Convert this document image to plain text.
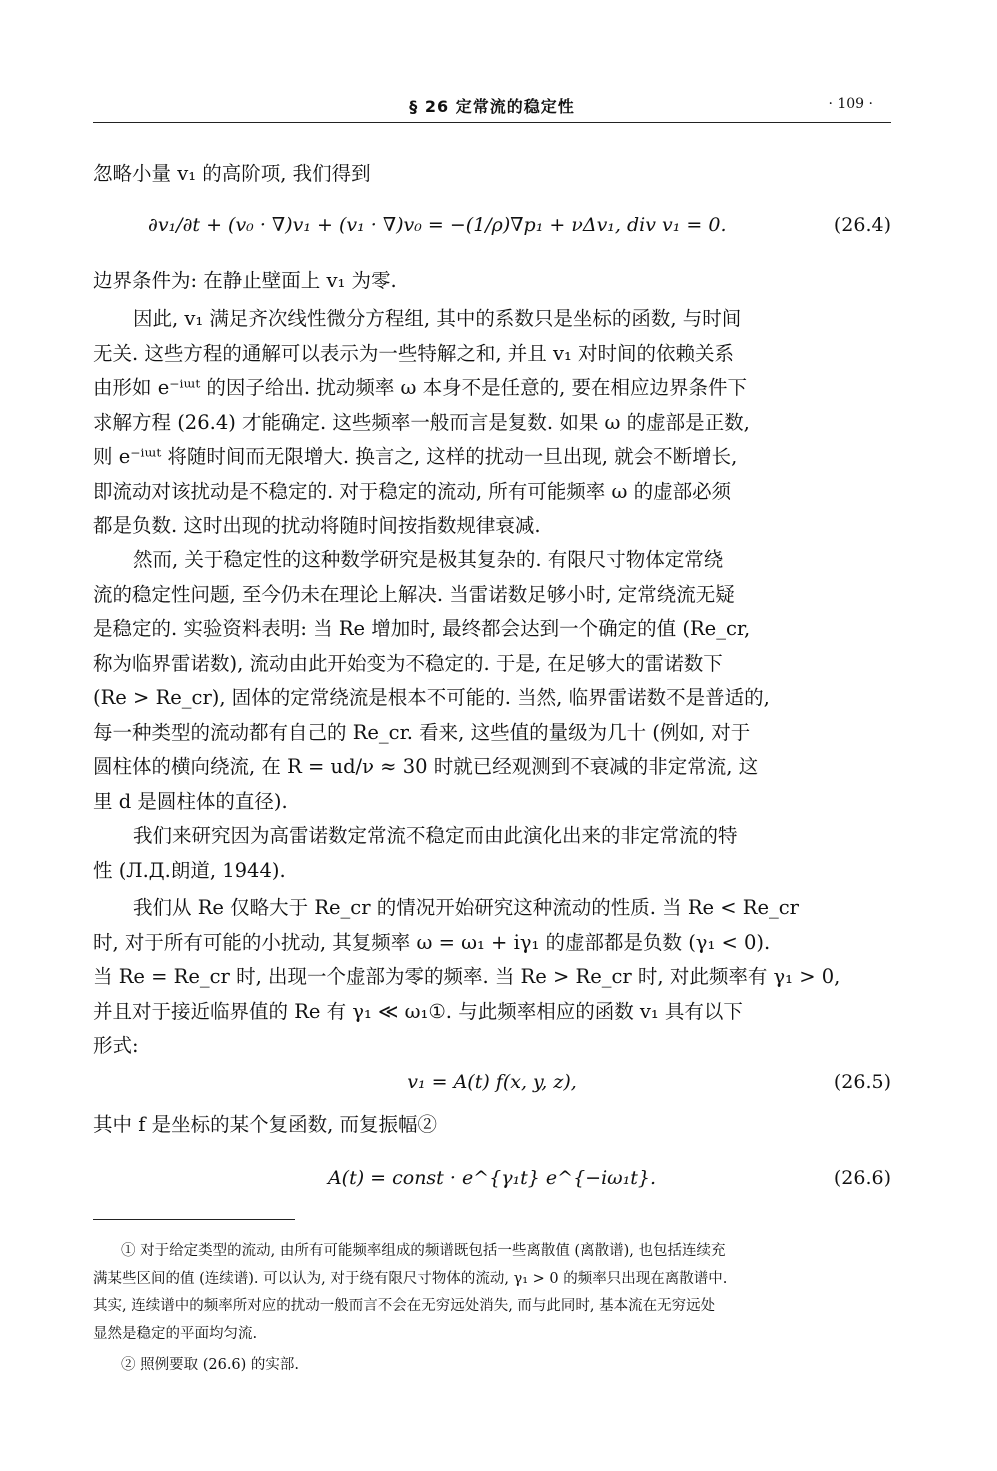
§ 26 定常流的稳定性	· 109 ·
忽略小量 v₁ 的高阶项, 我们得到
∂v₁/∂t + (v₀ · ∇)v₁ + (v₁ · ∇)v₀ = −(1/ρ)∇p₁ + νΔv₁, div v₁ = 0.	(26.4)
边界条件为: 在静止壁面上 v₁ 为零.
因此, v₁ 满足齐次线性微分方程组, 其中的系数只是坐标的函数, 与时间
无关. 这些方程的通解可以表示为一些特解之和, 并且 v₁ 对时间的依赖关系
由形如 e⁻ⁱᵚᵗ 的因子给出. 扰动频率 ω 本身不是任意的, 要在相应边界条件下
求解方程 (26.4) 才能确定. 这些频率一般而言是复数. 如果 ω 的虚部是正数,
则 e⁻ⁱᵚᵗ 将随时间而无限增大. 换言之, 这样的扰动一旦出现, 就会不断增长,
即流动对该扰动是不稳定的. 对于稳定的流动, 所有可能频率 ω 的虚部必须
都是负数. 这时出现的扰动将随时间按指数规律衰减.
然而, 关于稳定性的这种数学研究是极其复杂的. 有限尺寸物体定常绕
流的稳定性问题, 至今仍未在理论上解决. 当雷诺数足够小时, 定常绕流无疑
是稳定的. 实验资料表明: 当 Re 增加时, 最终都会达到一个确定的值 (Re_cr,
称为临界雷诺数), 流动由此开始变为不稳定的. 于是, 在足够大的雷诺数下
(Re > Re_cr), 固体的定常绕流是根本不可能的. 当然, 临界雷诺数不是普适的,
每一种类型的流动都有自己的 Re_cr. 看来, 这些值的量级为几十 (例如, 对于
圆柱体的横向绕流, 在 R = ud/ν ≈ 30 时就已经观测到不衰减的非定常流, 这
里 d 是圆柱体的直径).
我们来研究因为高雷诺数定常流不稳定而由此演化出来的非定常流的特
性 (Л.Д.朗道, 1944).
我们从 Re 仅略大于 Re_cr 的情况开始研究这种流动的性质. 当 Re < Re_cr
时, 对于所有可能的小扰动, 其复频率 ω = ω₁ + iγ₁ 的虚部都是负数 (γ₁ < 0).
当 Re = Re_cr 时, 出现一个虚部为零的频率. 当 Re > Re_cr 时, 对此频率有 γ₁ > 0,
并且对于接近临界值的 Re 有 γ₁ ≪ ω₁①. 与此频率相应的函数 v₁ 具有以下
形式:
v₁ = A(t) f(x, y, z),	(26.5)
其中 f 是坐标的某个复函数, 而复振幅②
A(t) = const · e^{γ₁t} e^{−iω₁t}.	(26.6)
① 对于给定类型的流动, 由所有可能频率组成的频谱既包括一些离散值 (离散谱), 也包括连续充
满某些区间的值 (连续谱). 可以认为, 对于绕有限尺寸物体的流动, γ₁ > 0 的频率只出现在离散谱中.
其实, 连续谱中的频率所对应的扰动一般而言不会在无穷远处消失, 而与此同时, 基本流在无穷远处
显然是稳定的平面均匀流.
② 照例要取 (26.6) 的实部.
